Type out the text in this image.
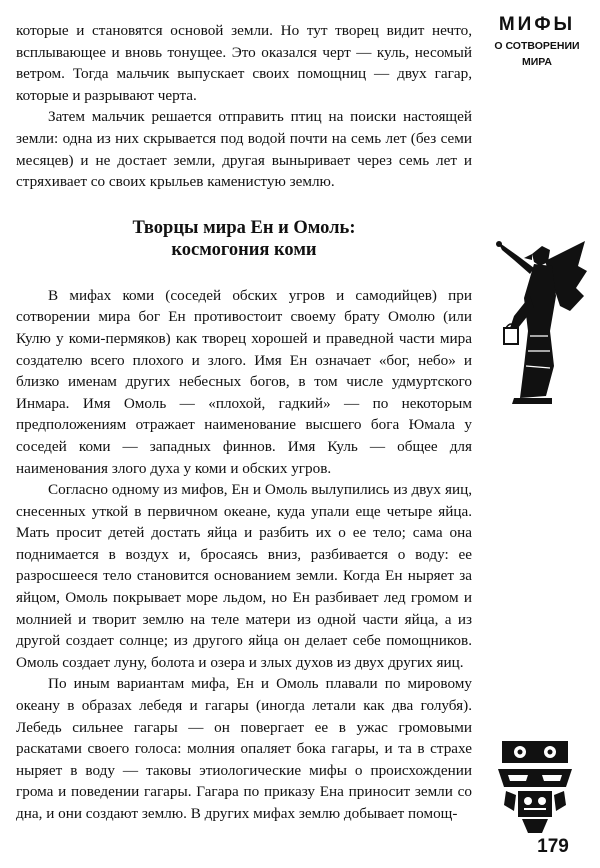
которые и становятся основой земли. Но тут творец видит нечто, всплывающее и вновь тонущее. Это оказался черт — куль, несомый ветром. Тогда мальчик выпускает своих помощниц — двух гагар, которые и разрывают черта.

Затем мальчик решается отправить птиц на поиски настоящей земли: одна из них скрывается под водой почти на семь лет (без семи месяцев) и не достает земли, другая выныривает через семь лет и стряхивает со своих крыльев каменистую землю.

Творцы мира Ен и Омоль:
космогония коми

В мифах коми (соседей обских угров и самодийцев) при сотворении мира бог Ен противостоит своему брату Омолю (или Кулю у коми-пермяков) как творец хорошей и праведной части мира создателю всего плохого и злого. Имя Ен означает «бог, небо» и близко именам других небесных богов, в том числе удмуртского Инмара. Имя Омоль — «плохой, гадкий» — по некоторым предположениям отражает наименование высшего бога Юмала у соседей коми — западных финнов. Имя Куль — общее для наименования злого духа у коми и обских угров.

Согласно одному из мифов, Ен и Омоль вылупились из двух яиц, снесенных уткой в первичном океане, куда упали еще четыре яйца. Мать просит детей достать яйца и разбить их о ее тело; сама она поднимается в воздух и, бросаясь вниз, разбивается о воду: ее разросшееся тело становится основанием земли. Когда Ен ныряет за яйцом, Омоль покрывает море льдом, но Ен разбивает лед громом и молнией и творит землю на теле матери из одной части яйца, а из другой создает солнце; из другого яйца он делает себе помощников. Омоль создает луну, болота и озера и злых духов из двух других яиц.

По иным вариантам мифа, Ен и Омоль плавали по мировому океану в образах лебедя и гагары (иногда летали как два голубя). Лебедь сильнее гагары — он повергает ее в ужас громовыми раскатами своего голоса: молния опаляет бока гагары, и та в страхе ныряет в воду — таковы этиологические мифы о происхождении грома и поведении гагары. Гагара по приказу Ена приносит земли со дна, и они создают землю. В других мифах землю добывает помощ-

МИФЫ
О СОТВОРЕНИИ
МИРА
179
